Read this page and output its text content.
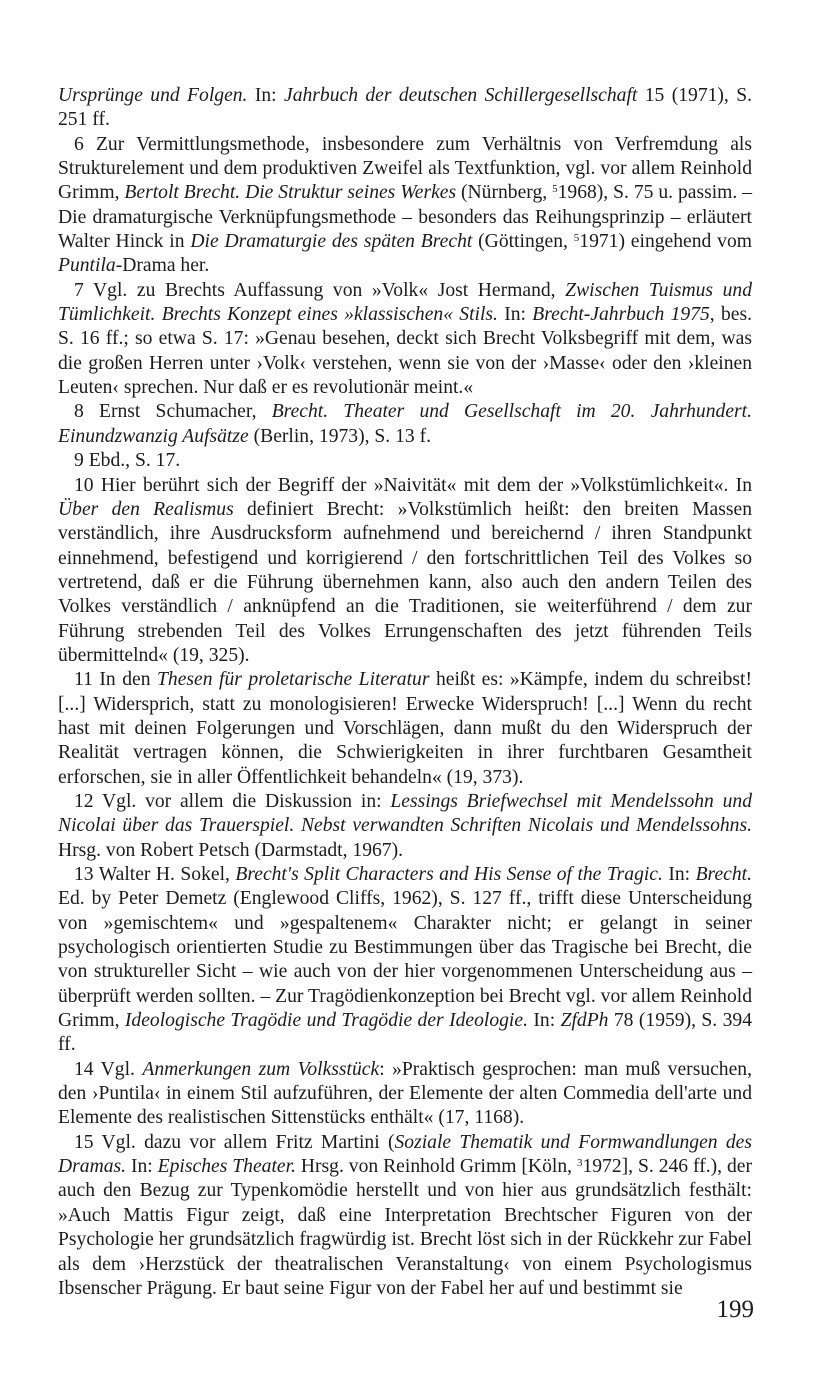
Ursprünge und Folgen. In: Jahrbuch der deutschen Schillergesellschaft 15 (1971), S. 251 ff.

6 Zur Vermittlungsmethode, insbesondere zum Verhältnis von Verfremdung als Strukturelement und dem produktiven Zweifel als Textfunktion, vgl. vor allem Reinhold Grimm, Bertolt Brecht. Die Struktur seines Werkes (Nürnberg, $^5$1968), S. 75 u. passim. – Die dramaturgische Verknüpfungsmethode – besonders das Reihungsprinzip – erläutert Walter Hinck in Die Dramaturgie des späten Brecht (Göttingen, $^5$1971) eingehend vom Puntila-Drama her.

7 Vgl. zu Brechts Auffassung von »Volk« Jost Hermand, Zwischen Tuismus und Tümlichkeit. Brechts Konzept eines »klassischen« Stils. In: Brecht-Jahrbuch 1975, bes. S. 16 ff.; so etwa S. 17: »Genau besehen, deckt sich Brecht Volksbegriff mit dem, was die großen Herren unter ›Volk‹ verstehen, wenn sie von der ›Masse‹ oder den ›kleinen Leuten‹ sprechen. Nur daß er es revolutionär meint.«

8 Ernst Schumacher, Brecht. Theater und Gesellschaft im 20. Jahrhundert. Einundzwanzig Aufsätze (Berlin, 1973), S. 13 f.

9 Ebd., S. 17.

10 Hier berührt sich der Begriff der »Naivität« mit dem der »Volkstümlichkeit«. In Über den Realismus definiert Brecht: »Volkstümlich heißt: den breiten Massen verständlich, ihre Ausdrucksform aufnehmend und bereichernd / ihren Standpunkt einnehmend, befestigend und korrigierend / den fortschrittlichen Teil des Volkes so vertretend, daß er die Führung übernehmen kann, also auch den andern Teilen des Volkes verständlich / anknüpfend an die Traditionen, sie weiterführend / dem zur Führung strebenden Teil des Volkes Errungenschaften des jetzt führenden Teils übermittelnd« (19, 325).

11 In den Thesen für proletarische Literatur heißt es: »Kämpfe, indem du schreibst! [...] Widersprich, statt zu monologisieren! Erwecke Widerspruch! [...] Wenn du recht hast mit deinen Folgerungen und Vorschlägen, dann mußt du den Widerspruch der Realität vertragen können, die Schwierigkeiten in ihrer furchtbaren Gesamtheit erforschen, sie in aller Öffentlichkeit behandeln« (19, 373).

12 Vgl. vor allem die Diskussion in: Lessings Briefwechsel mit Mendelssohn und Nicolai über das Trauerspiel. Nebst verwandten Schriften Nicolais und Mendelssohns. Hrsg. von Robert Petsch (Darmstadt, 1967).

13 Walter H. Sokel, Brecht's Split Characters and His Sense of the Tragic. In: Brecht. Ed. by Peter Demetz (Englewood Cliffs, 1962), S. 127 ff., trifft diese Unterscheidung von »gemischtem« und »gespaltenem« Charakter nicht; er gelangt in seiner psychologisch orientierten Studie zu Bestimmungen über das Tragische bei Brecht, die von struktureller Sicht – wie auch von der hier vorgenommenen Unterscheidung aus – überprüft werden sollten. – Zur Tragödienkonzeption bei Brecht vgl. vor allem Reinhold Grimm, Ideologische Tragödie und Tragödie der Ideologie. In: ZfdPh 78 (1959), S. 394 ff.

14 Vgl. Anmerkungen zum Volksstück: »Praktisch gesprochen: man muß versuchen, den ›Puntila‹ in einem Stil aufzuführen, der Elemente der alten Commedia dell'arte und Elemente des realistischen Sittenstücks enthält« (17, 1168).

15 Vgl. dazu vor allem Fritz Martini (Soziale Thematik und Formwandlungen des Dramas. In: Episches Theater. Hrsg. von Reinhold Grimm [Köln, $^3$1972], S. 246 ff.), der auch den Bezug zur Typenkomödie herstellt und von hier aus grundsätzlich festhält: »Auch Mattis Figur zeigt, daß eine Interpretation Brechtscher Figuren von der Psychologie her grundsätzlich fragwürdig ist. Brecht löst sich in der Rückkehr zur Fabel als dem ›Herzstück der theatralischen Veranstaltung‹ von einem Psychologismus Ibsenscher Prägung. Er baut seine Figur von der Fabel her auf und bestimmt sie

199
